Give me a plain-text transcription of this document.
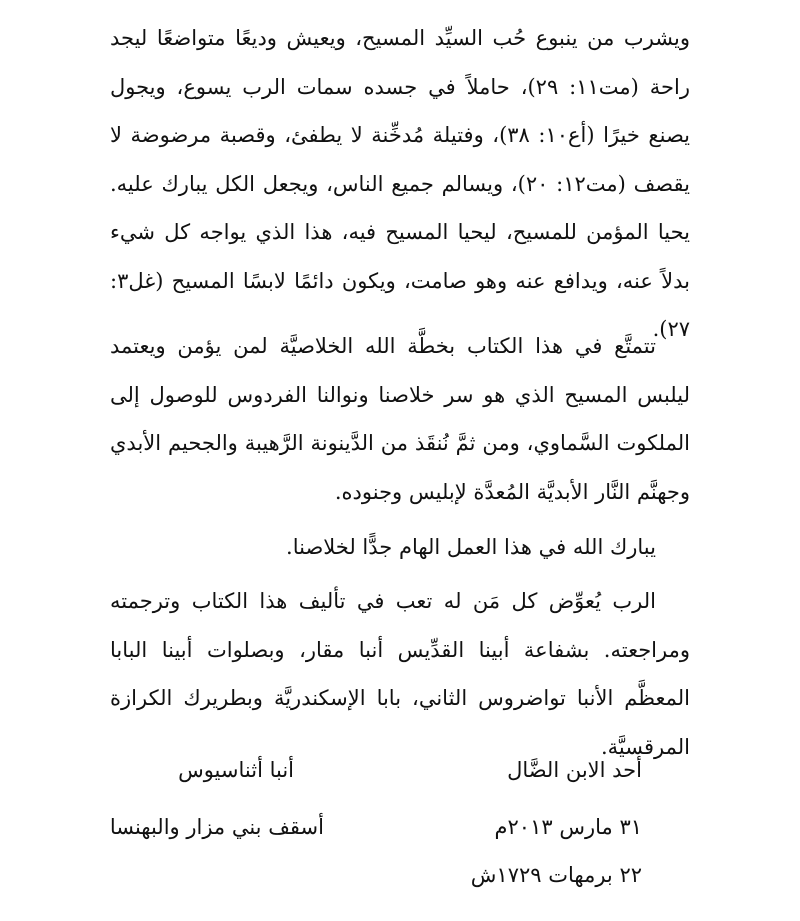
ويشرب من ينبوع حُب السيِّد المسيح، ويعيش وديعًا متواضعًا ليجد راحة (مت١١: ٢٩)، حاملاً في جسده سمات الرب يسوع، ويجول يصنع خيرًا (أع١٠: ٣٨)، وفتيلة مُدخِّنة لا يطفئ، وقصبة مرضوضة لا يقصف (مت١٢: ٢٠)، ويسالم جميع الناس، ويجعل الكل يبارك عليه. يحيا المؤمن للمسيح، ليحيا المسيح فيه، هذا الذي يواجه كل شيء بدلاً عنه، ويدافع عنه وهو صامت، ويكون دائمًا لابسًا المسيح (غل٣: ٢٧).

تتمتَّع في هذا الكتاب بخطَّة الله الخلاصيَّة لمن يؤمن ويعتمد ليلبس المسيح الذي هو سر خلاصنا ونوالنا الفردوس للوصول إلى الملكوت السَّماوي، ومن ثمَّ نُنقَذ من الدَّينونة الرَّهيبة والجحيم الأبدي وجهنَّم النَّار الأبديَّة المُعدَّة لإبليس وجنوده.

يبارك الله في هذا العمل الهام جدًّا لخلاصنا.

الرب يُعوِّض كل مَن له تعب في تأليف هذا الكتاب وترجمته ومراجعته. بشفاعة أبينا القدِّيس أنبا مقار، وبصلوات أبينا البابا المعظَّم الأنبا تواضروس الثاني، بابا الإسكندريَّة وبطريرك الكرازة المرقسيَّة.

أحد الابن الضَّال
٣١ مارس ٢٠١٣م
٢٢ برمهات ١٧٢٩ش
أنبا أثناسيوس
أسقف بني مزار والبهنسا
